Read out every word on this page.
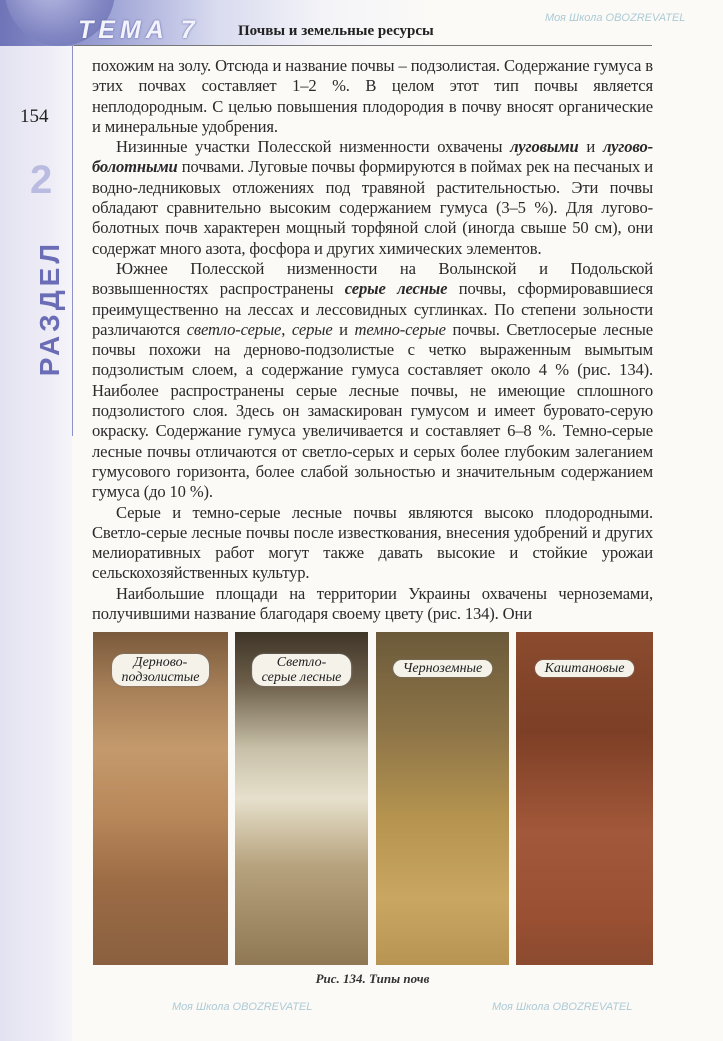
ТЕМА 7	Почвы и земельные ресурсы
Моя Школа OBOZREVATEL
154
2
РАЗДЕЛ

похожим на золу. Отсюда и название почвы – подзолистая. Содержание гумуса в этих почвах составляет 1–2 %. В целом этот тип почвы является неплодородным. С целью повышения плодородия в почву вносят органические и минеральные удобрения.

Низинные участки Полесской низменности охвачены луговыми и лугово-болотными почвами. Луговые почвы формируются в поймах рек на песчаных и водно-ледниковых отложениях под травяной растительностью. Эти почвы обладают сравнительно высоким содержанием гумуса (3–5 %). Для лугово-болотных почв характерен мощный торфяной слой (иногда свыше 50 см), они содержат много азота, фосфора и других химических элементов.

Южнее Полесской низменности на Волынской и Подольской возвышенностях распространены серые лесные почвы, сформировавшиеся преимущественно на лессах и лессовидных суглинках. По степени зольности различаются светло-серые, серые и темно-серые почвы. Светлосерые лесные почвы похожи на дерново-подзолистые с четко выраженным вымытым подзолистым слоем, а содержание гумуса составляет около 4 % (рис. 134). Наиболее распространены серые лесные почвы, не имеющие сплошного подзолистого слоя. Здесь он замаскирован гумусом и имеет буровато-серую окраску. Содержание гумуса увеличивается и составляет 6–8 %. Темно-серые лесные почвы отличаются от светло-серых и серых более глубоким залеганием гумусового горизонта, более слабой зольностью и значительным содержанием гумуса (до 10 %).

Серые и темно-серые лесные почвы являются высоко плодородными. Светло-серые лесные почвы после известкования, внесения удобрений и других мелиоративных работ могут также давать высокие и стойкие урожаи сельскохозяйственных культур.

Наибольшие площади на территории Украины охвачены черноземами, получившими название благодаря своему цвету (рис. 134). Они

Дерново-
подзолистые
Светло-
серые лесные
Черноземные	Каштановые
Рис. 134. Типы почв
Моя Школа OBOZREVATEL	Моя Школа OBOZREVATEL
